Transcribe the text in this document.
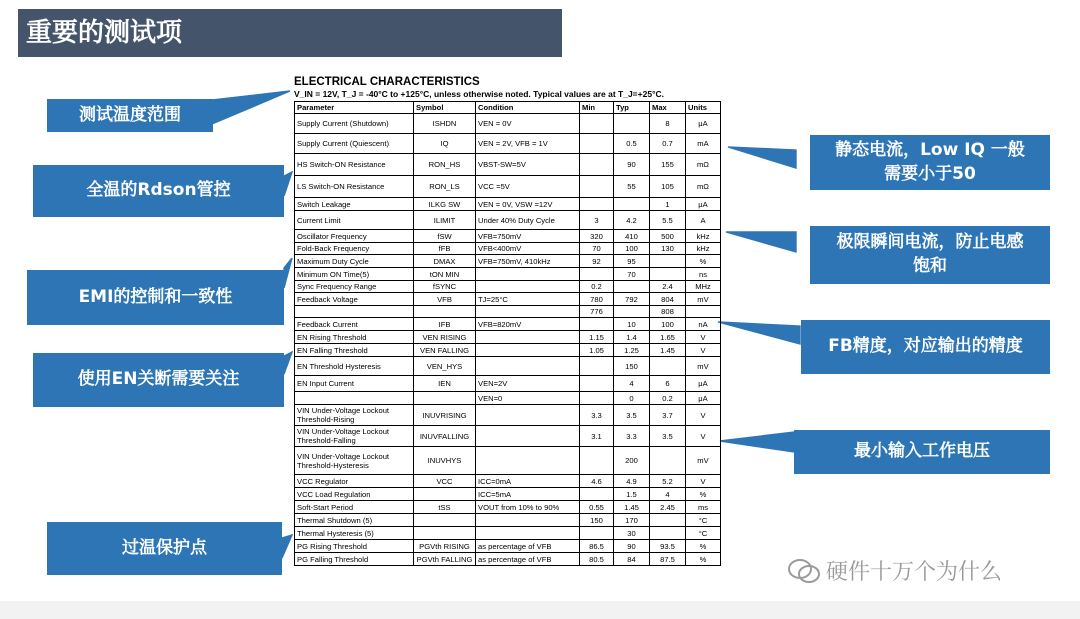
重要的测试项
测试温度范围
全温的Rdson管控
EMI的控制和一致性
使用EN关断需要关注
过温保护点
静态电流，Low IQ 一般
需要小于50
极限瞬间电流，防止电感
饱和
FB精度，对应输出的精度
最小输入工作电压
ELECTRICAL CHARACTERISTICS
V_IN = 12V, T_J = -40°C to +125°C, unless otherwise noted. Typical values are at T_J=+25°C.
Parameter	Symbol	Condition	Min	Typ	Max	Units
Supply Current (Shutdown)	ISHDN	VEN = 0V			8	μA
Supply Current (Quiescent)	IQ	VEN = 2V, VFB = 1V		0.5	0.7	mA
HS Switch-ON Resistance	RON_HS	VBST-SW=5V		90	155	mΩ
LS Switch-ON Resistance	RON_LS	VCC =5V		55	105	mΩ
Switch Leakage	ILKG SW	VEN = 0V, VSW =12V			1	μA
Current Limit	ILIMIT	Under 40% Duty Cycle	3	4.2	5.5	A
Oscillator Frequency	fSW	VFB=750mV	320	410	500	kHz
Fold-Back Frequency	fFB	VFB<400mV	70	100	130	kHz
Maximum Duty Cycle	DMAX	VFB=750mV, 410kHz	92	95		%
Minimum ON Time(5)	tON MIN			70		ns
Sync Frequency Range	fSYNC		0.2		2.4	MHz
Feedback Voltage	VFB	TJ=25°C	780	792	804	mV
			776		808	
Feedback Current	IFB	VFB=820mV		10	100	nA
EN Rising Threshold	VEN RISING		1.15	1.4	1.65	V
EN Falling Threshold	VEN FALLING		1.05	1.25	1.45	V
EN Threshold Hysteresis	VEN_HYS			150		mV
EN Input Current	IEN	VEN=2V		4	6	μA
		VEN=0		0	0.2	μA
VIN Under-Voltage Lockout Threshold-Rising	INUVRISING		3.3	3.5	3.7	V
VIN Under-Voltage Lockout Threshold-Falling	INUVFALLING		3.1	3.3	3.5	V
VIN Under-Voltage Lockout Threshold-Hysteresis	INUVHYS			200		mV
VCC Regulator	VCC	ICC=0mA	4.6	4.9	5.2	V
VCC Load Regulation		ICC=5mA		1.5	4	%
Soft-Start Period	tSS	VOUT from 10% to 90%	0.55	1.45	2.45	ms
Thermal Shutdown (5)			150	170		°C
Thermal Hysteresis (5)				30		°C
PG Rising Threshold	PGVth RISING	as percentage of VFB	86.5	90	93.5	%
PG Falling Threshold	PGVth FALLING	as percentage of VFB	80.5	84	87.5	%
硬件十万个为什么
